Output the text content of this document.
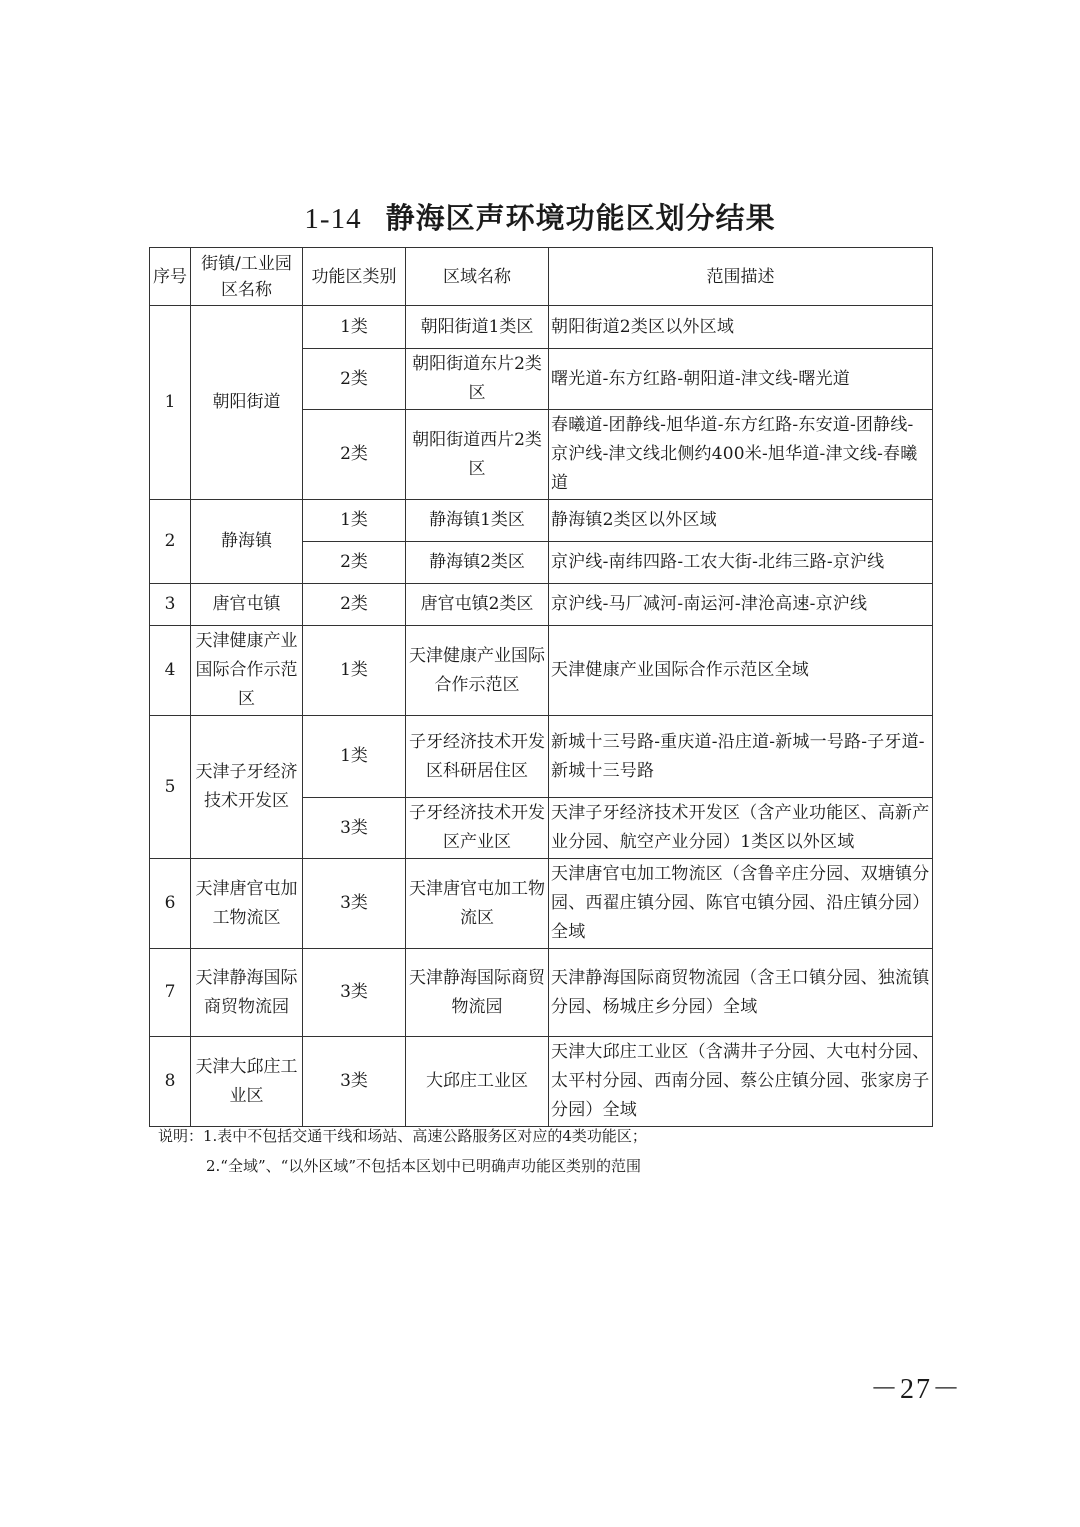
1-14 静海区声环境功能区划分结果
序号	街镇/工业园区名称	功能区类别	区域名称	范围描述
1	朝阳街道	1类	朝阳街道1类区	朝阳街道2类区以外区域
		2类	朝阳街道东片2类区	曙光道-东方红路-朝阳道-津文线-曙光道
		2类	朝阳街道西片2类区	春曦道-团静线-旭华道-东方红路-东安道-团静线-京沪线-津文线北侧约400米-旭华道-津文线-春曦道
2	静海镇	1类	静海镇1类区	静海镇2类区以外区域
		2类	静海镇2类区	京沪线-南纬四路-工农大街-北纬三路-京沪线
3	唐官屯镇	2类	唐官屯镇2类区	京沪线-马厂减河-南运河-津沧高速-京沪线
4	天津健康产业国际合作示范区	1类	天津健康产业国际合作示范区	天津健康产业国际合作示范区全域
5	天津子牙经济技术开发区	1类	子牙经济技术开发区科研居住区	新城十三号路-重庆道-沿庄道-新城一号路-子牙道-新城十三号路
		3类	子牙经济技术开发区产业区	天津子牙经济技术开发区（含产业功能区、高新产业分园、航空产业分园）1类区以外区域
6	天津唐官屯加工物流区	3类	天津唐官屯加工物流区	天津唐官屯加工物流区（含鲁辛庄分园、双塘镇分园、西翟庄镇分园、陈官屯镇分园、沿庄镇分园）全域
7	天津静海国际商贸物流园	3类	天津静海国际商贸物流园	天津静海国际商贸物流园（含王口镇分园、独流镇分园、杨城庄乡分园）全域
8	天津大邱庄工业区	3类	大邱庄工业区	天津大邱庄工业区（含满井子分园、大屯村分园、太平村分园、西南分园、蔡公庄镇分园、张家房子分园）全域
说明：1.表中不包括交通干线和场站、高速公路服务区对应的4类功能区；
2.“全域”、“以外区域”不包括本区划中已明确声功能区类别的范围
－27－
